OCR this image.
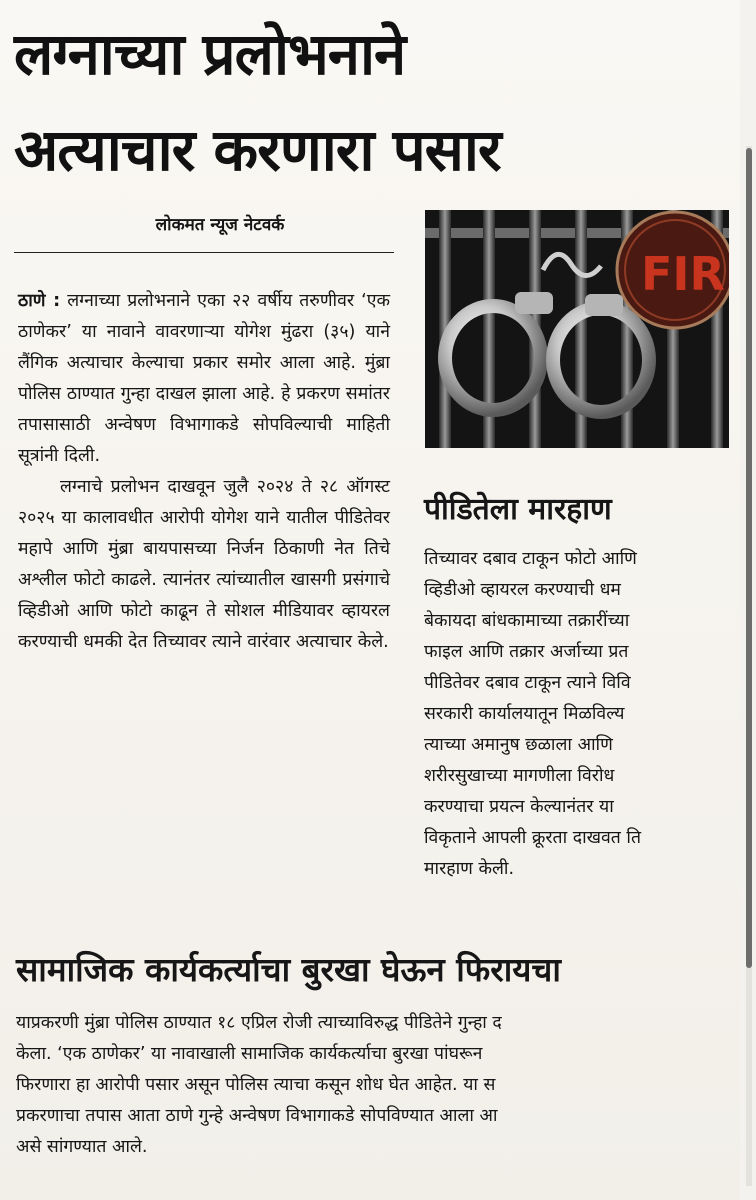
लग्नाच्या प्रलोभनाने
अत्याचार करणारा पसार
लोकमत न्यूज नेटवर्क

ठाणे : लग्नाच्या प्रलोभनाने एका २२ वर्षीय तरुणीवर ‘एक ठाणेकर’ या नावाने वावरणाऱ्या योगेश मुंढरा (३५) याने लैंगिक अत्याचार केल्याचा प्रकार समोर आला आहे. मुंब्रा पोलिस ठाण्यात गुन्हा दाखल झाला आहे. हे प्रकरण समांतर तपासासाठी अन्वेषण विभागाकडे सोपविल्याची माहिती सूत्रांनी दिली.

लग्नाचे प्रलोभन दाखवून जुलै २०२४ ते २८ ऑगस्ट २०२५ या कालावधीत आरोपी योगेश याने यातील पीडितेवर महापे आणि मुंब्रा बायपासच्या निर्जन ठिकाणी नेत तिचे अश्लील फोटो काढले. त्यानंतर त्यांच्यातील खासगी प्रसंगाचे व्हिडीओ आणि फोटो काढून ते सोशल मीडियावर व्हायरल करण्याची धमकी देत तिच्यावर त्याने वारंवार अत्याचार केले.

FIR
पीडितेला मारहाण
तिच्यावर दबाव टाकून फोटो आणि
व्हिडीओ व्हायरल करण्याची धम
बेकायदा बांधकामाच्या तक्रारींच्या
फाइल आणि तक्रार अर्जाच्या प्रत
पीडितेवर दबाव टाकून त्याने विवि
सरकारी कार्यालयातून मिळविल्य
त्याच्या अमानुष छळाला आणि
शरीरसुखाच्या मागणीला विरोध
करण्याचा प्रयत्न केल्यानंतर या
विकृताने आपली क्रूरता दाखवत ति
मारहाण केली.
सामाजिक कार्यकर्त्याचा बुरखा घेऊन फिरायचा
याप्रकरणी मुंब्रा पोलिस ठाण्यात १८ एप्रिल रोजी त्याच्याविरुद्ध पीडितेने गुन्हा द
केला. ‘एक ठाणेकर’ या नावाखाली सामाजिक कार्यकर्त्याचा बुरखा पांघरून
फिरणारा हा आरोपी पसार असून पोलिस त्याचा कसून शोध घेत आहेत. या स
प्रकरणाचा तपास आता ठाणे गुन्हे अन्वेषण विभागाकडे सोपविण्यात आला आ
असे सांगण्यात आले.
